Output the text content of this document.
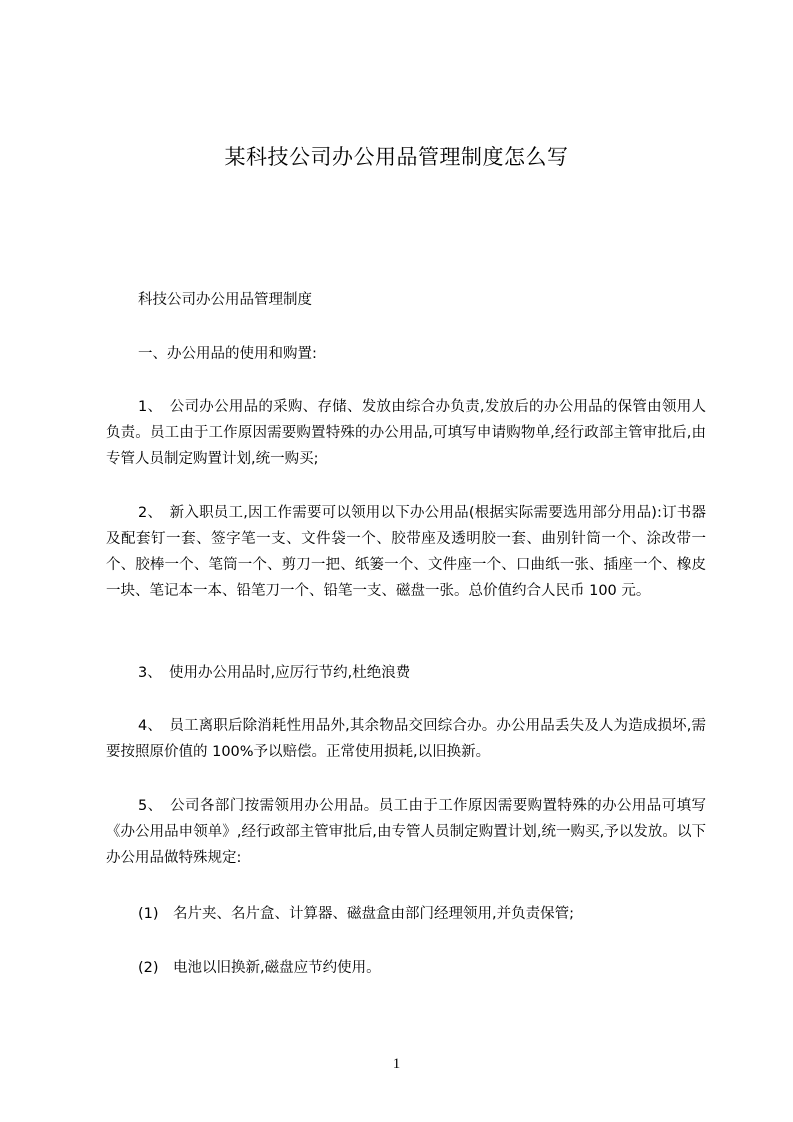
某科技公司办公用品管理制度怎么写
科技公司办公用品管理制度
一、办公用品的使用和购置:
1、　公司办公用品的采购、存储、发放由综合办负责,发放后的办公用品的保管由领用人负责。员工由于工作原因需要购置特殊的办公用品,可填写申请购物单,经行政部主管审批后,由专管人员制定购置计划,统一购买;
2、　新入职员工,因工作需要可以领用以下办公用品(根据实际需要选用部分用品):订书器及配套钉一套、签字笔一支、文件袋一个、胶带座及透明胶一套、曲别针筒一个、涂改带一个、胶棒一个、笔筒一个、剪刀一把、纸篓一个、文件座一个、口曲纸一张、插座一个、橡皮一块、笔记本一本、铅笔刀一个、铅笔一支、磁盘一张。总价值约合人民币 100 元。
3、　使用办公用品时,应厉行节约,杜绝浪费
4、　员工离职后除消耗性用品外,其余物品交回综合办。办公用品丢失及人为造成损坏,需要按照原价值的 100%予以赔偿。正常使用损耗,以旧换新。
5、　公司各部门按需领用办公用品。员工由于工作原因需要购置特殊的办公用品可填写《办公用品申领单》,经行政部主管审批后,由专管人员制定购置计划,统一购买,予以发放。以下办公用品做特殊规定:
(1)　名片夹、名片盒、计算器、磁盘盒由部门经理领用,并负责保管;
(2)　电池以旧换新,磁盘应节约使用。
1
